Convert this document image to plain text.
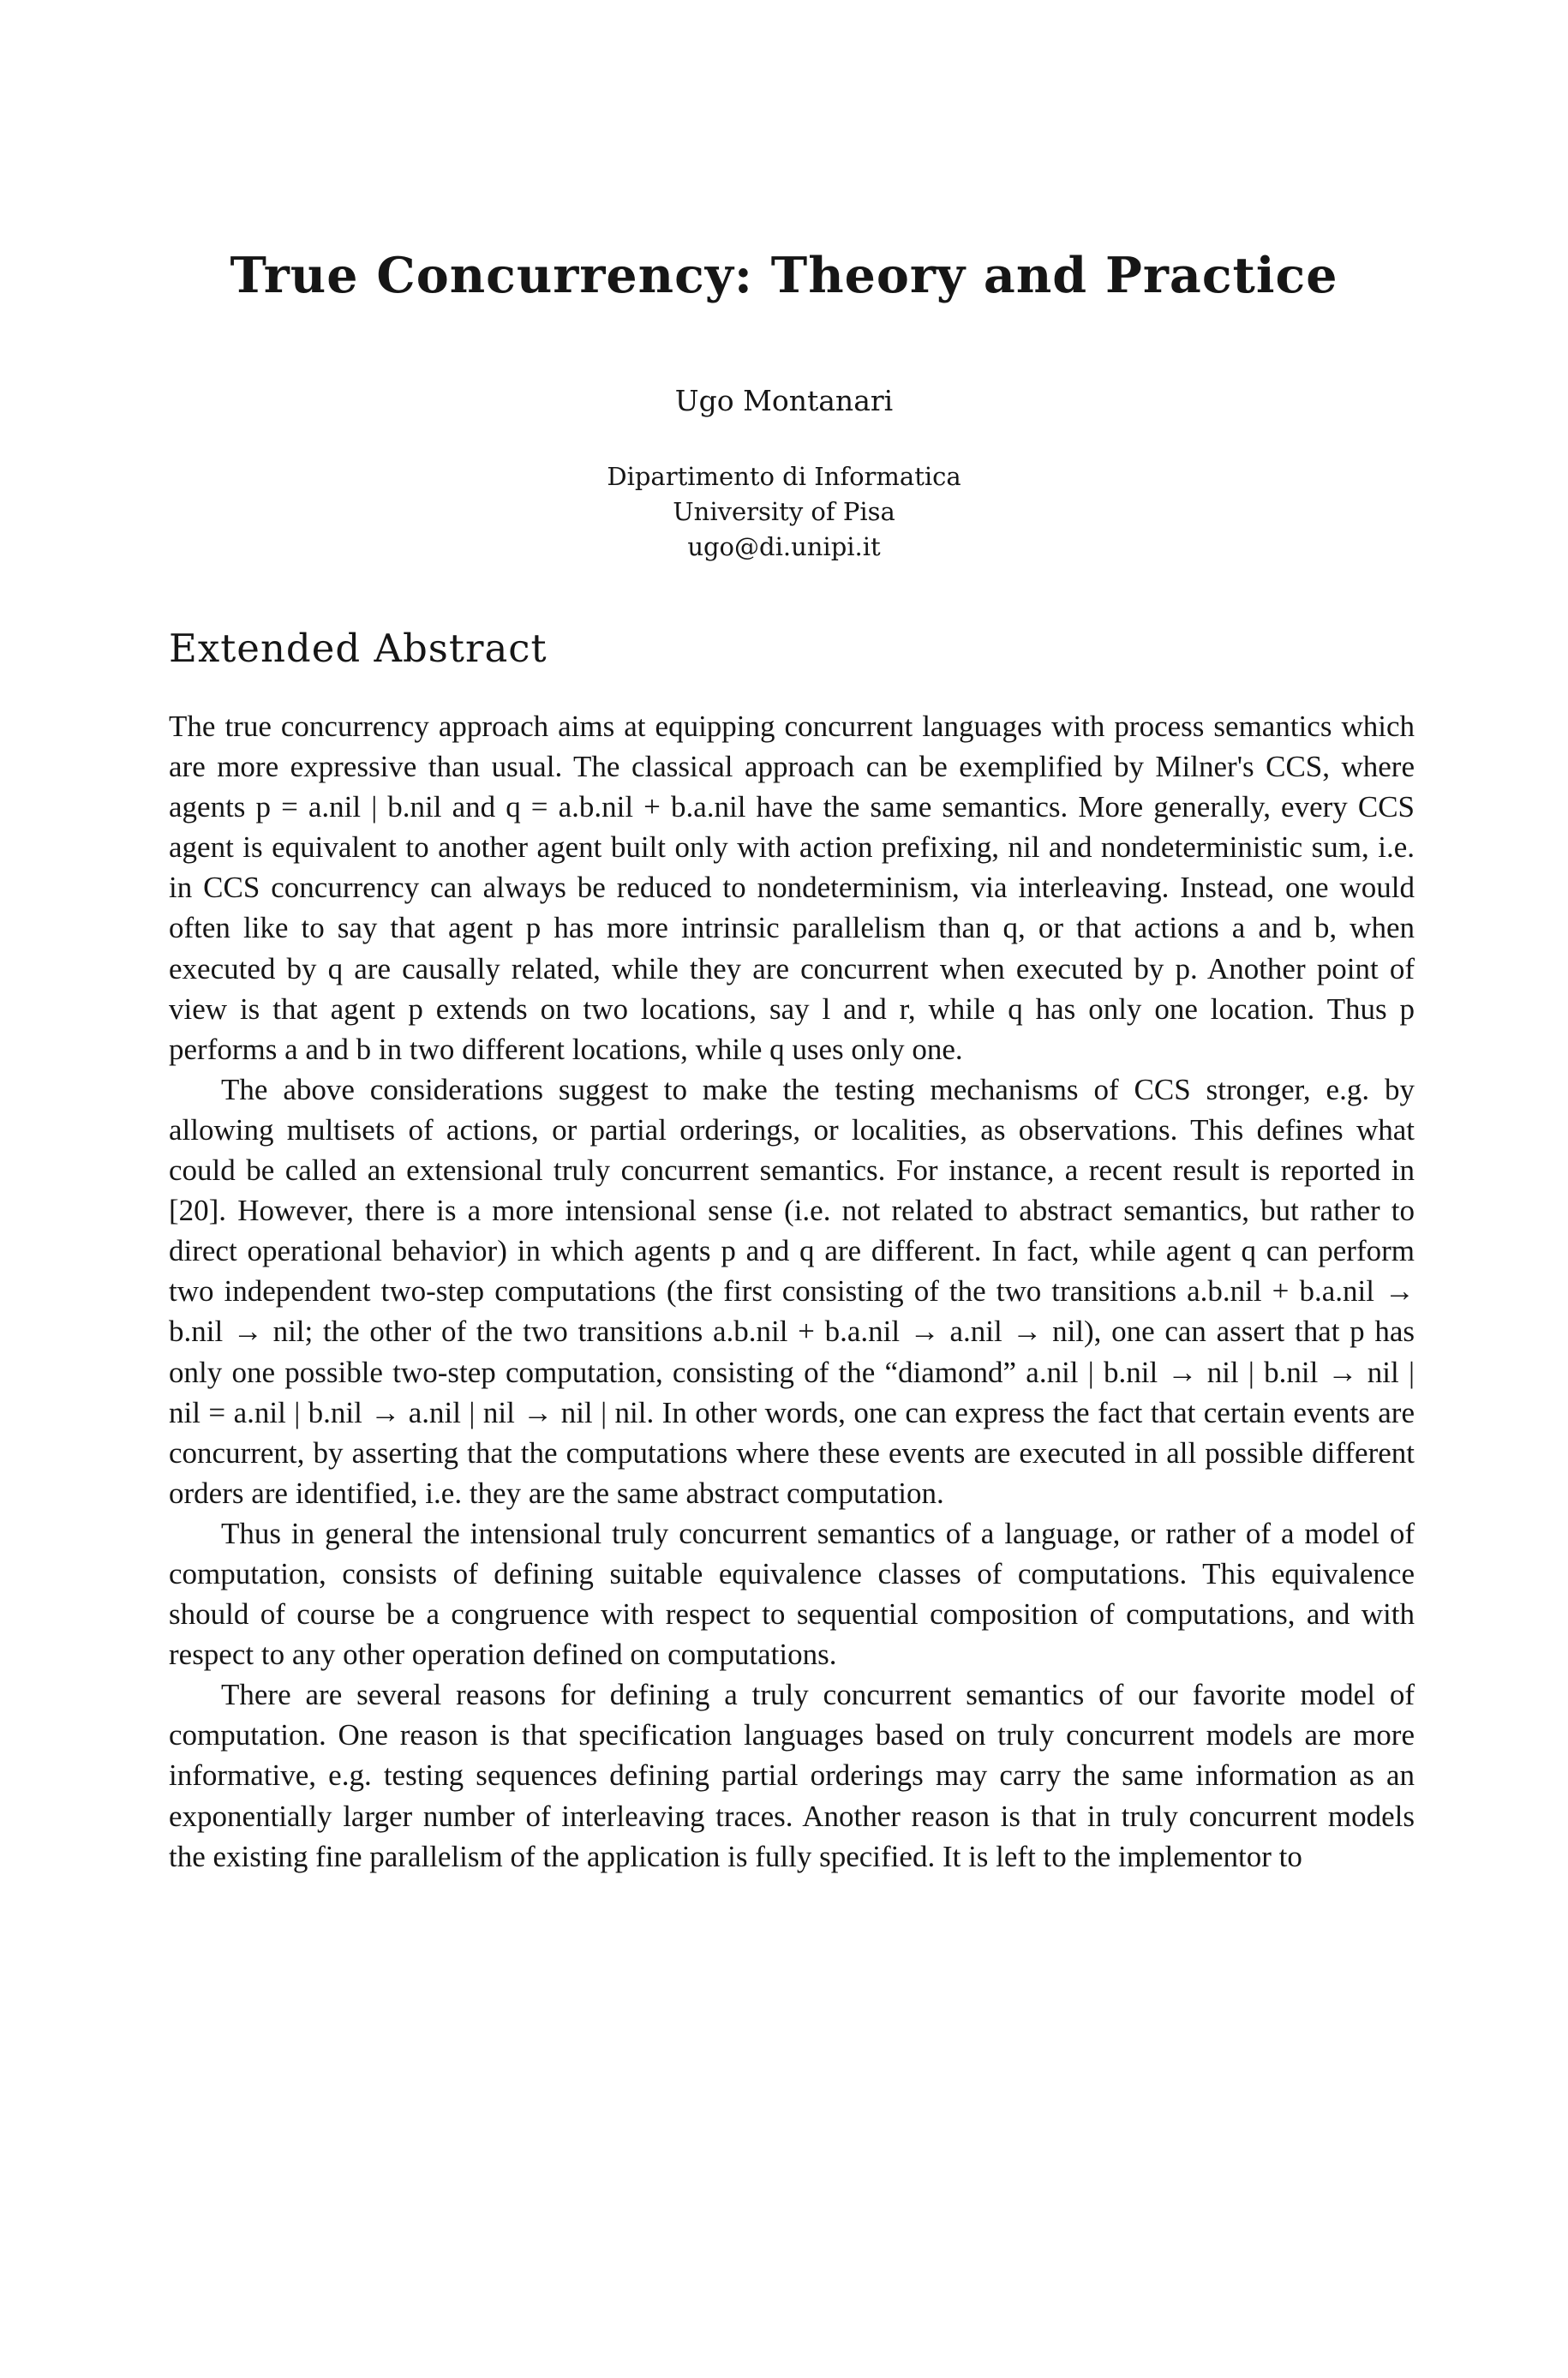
True Concurrency: Theory and Practice
Ugo Montanari
Dipartimento di Informatica
University of Pisa
ugo@di.unipi.it
Extended Abstract

The true concurrency approach aims at equipping concurrent languages with process semantics which are more expressive than usual. The classical approach can be exemplified by Milner's CCS, where agents p = a.nil | b.nil and q = a.b.nil + b.a.nil have the same semantics. More generally, every CCS agent is equivalent to another agent built only with action prefixing, nil and nondeterministic sum, i.e. in CCS concurrency can always be reduced to nondeterminism, via interleaving. Instead, one would often like to say that agent p has more intrinsic parallelism than q, or that actions a and b, when executed by q are causally related, while they are concurrent when executed by p. Another point of view is that agent p extends on two locations, say l and r, while q has only one location. Thus p performs a and b in two different locations, while q uses only one.

The above considerations suggest to make the testing mechanisms of CCS stronger, e.g. by allowing multisets of actions, or partial orderings, or localities, as observations. This defines what could be called an extensional truly concurrent semantics. For instance, a recent result is reported in [20]. However, there is a more intensional sense (i.e. not related to abstract semantics, but rather to direct operational behavior) in which agents p and q are different. In fact, while agent q can perform two independent two-step computations (the first consisting of the two transitions a.b.nil + b.a.nil → b.nil → nil; the other of the two transitions a.b.nil + b.a.nil → a.nil → nil), one can assert that p has only one possible two-step computation, consisting of the “diamond” a.nil | b.nil → nil | b.nil → nil | nil = a.nil | b.nil → a.nil | nil → nil | nil. In other words, one can express the fact that certain events are concurrent, by asserting that the computations where these events are executed in all possible different orders are identified, i.e. they are the same abstract computation.

Thus in general the intensional truly concurrent semantics of a language, or rather of a model of computation, consists of defining suitable equivalence classes of computations. This equivalence should of course be a congruence with respect to sequential composition of computations, and with respect to any other operation defined on computations.

There are several reasons for defining a truly concurrent semantics of our favorite model of computation. One reason is that specification languages based on truly concurrent models are more informative, e.g. testing sequences defining partial orderings may carry the same information as an exponentially larger number of interleaving traces. Another reason is that in truly concurrent models the existing fine parallelism of the application is fully specified. It is left to the implementor to
